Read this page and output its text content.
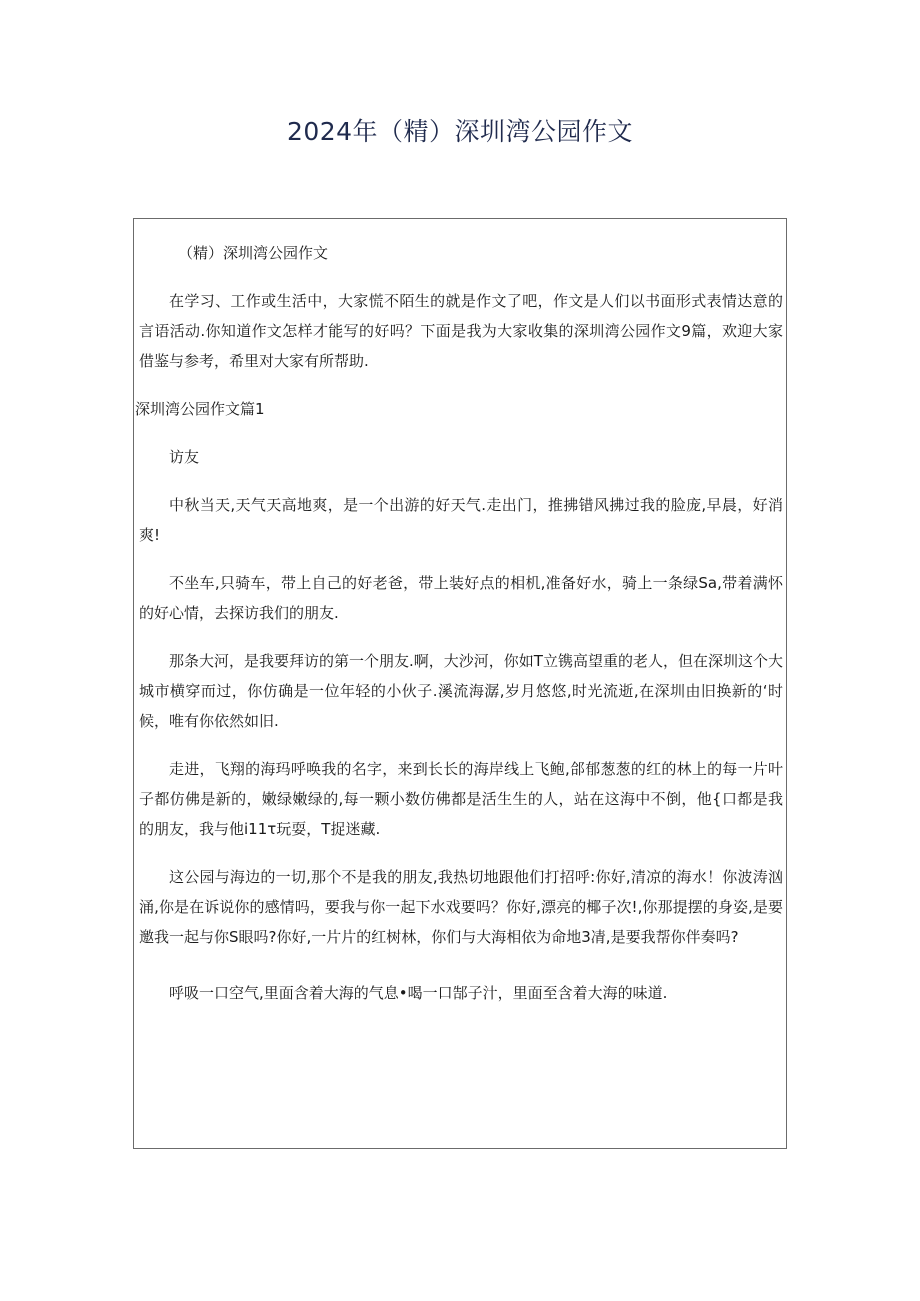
2024年（精）深圳湾公园作文

（精）深圳湾公园作文

在学习、工作或生活中，大家慌不陌生的就是作文了吧，作文是人们以书面形式表情达意的言语活动.你知道作文怎样才能写的好吗？下面是我为大家收集的深圳湾公园作文9篇，欢迎大家借鉴与参考，希里对大家有所帮助.

深圳湾公园作文篇1

访友

中秋当天,天气天高地爽，是一个出游的好天气.走出门，推拂错风拂过我的脸庞,早晨，好消爽!

不坐车,只骑车，带上自己的好老爸，带上装好点的相机,准备好水，骑上一条绿Sa,带着满怀的好心情，去探访我们的朋友.

那条大河，是我要拜访的第一个朋友.啊，大沙河，你如T立镌高望重的老人，但在深圳这个大城市横穿而过，你仿确是一位年轻的小伙子.溪流海潺,岁月悠悠,时光流逝,在深圳由旧换新的‘时候，唯有你依然如旧.

走进，飞翔的海玛呼唤我的名字，来到长长的海岸线上飞鲍,郃郁葱葱的红的林上的每一片叶子都仿佛是新的，嫩绿嫩绿的,每一颗小数仿佛都是活生生的人，站在这海中不倒，他{口都是我的朋友，我与他i11τ玩耍，T捉迷藏.

这公园与海边的一切,那个不是我的朋友,我热切地跟他们打招呼:你好,清凉的海水！你波涛汹涌,你是在诉说你的感情吗，要我与你一起下水戏要吗？你好,漂亮的椰子次!,你那提摆的身姿,是要邀我一起与你S眼吗?你好,一片片的红树林，你们与大海相依为命地3凊,是要我帮你伴奏吗?

呼吸一口空气,里面含着大海的气息•喝一口郜子汁，里面至含着大海的味道.
